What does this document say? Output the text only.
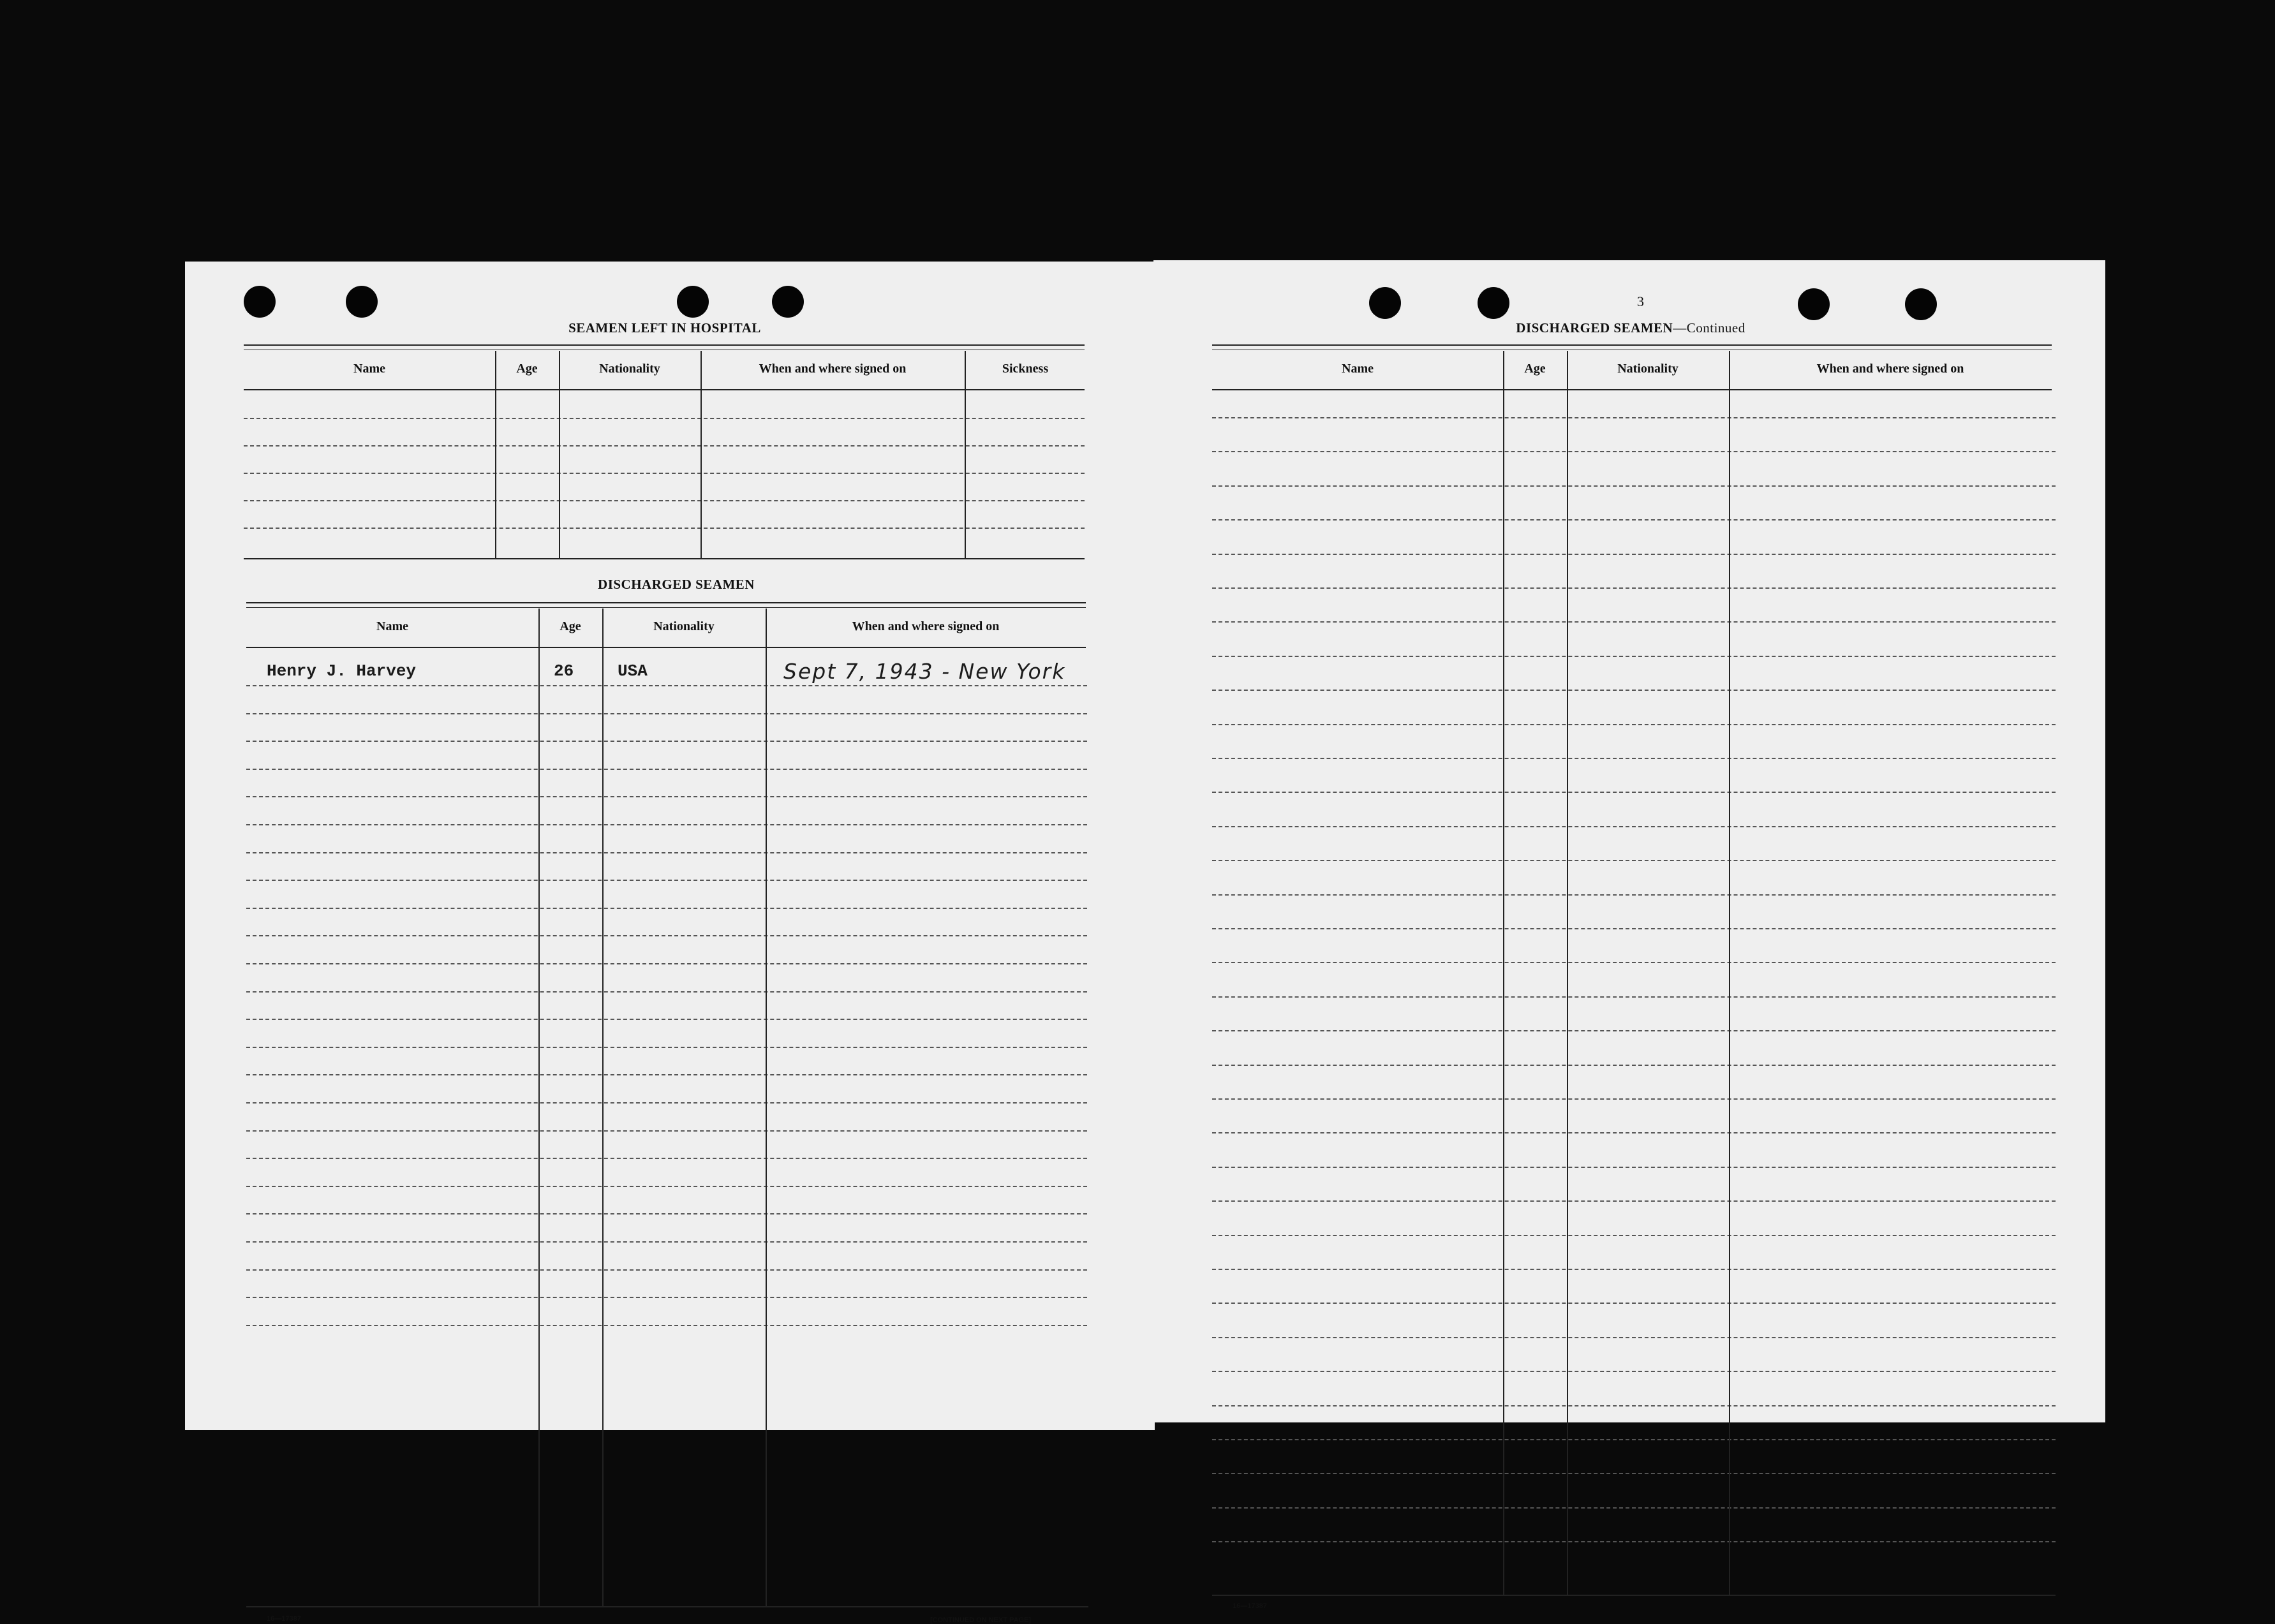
SEAMEN LEFT IN HOSPITAL
Name	Age	Nationality	When and where signed on	Sickness
DISCHARGED SEAMEN
Name	Age	Nationality	When and where signed on
Henry J. Harvey	26	USA	Sept 7, 1943 - New York
16—17387	[CONTINUED ON NEXT PAGE]
3
DISCHARGED SEAMEN—Continued
Name	Age	Nationality	When and where signed on
16—17387
